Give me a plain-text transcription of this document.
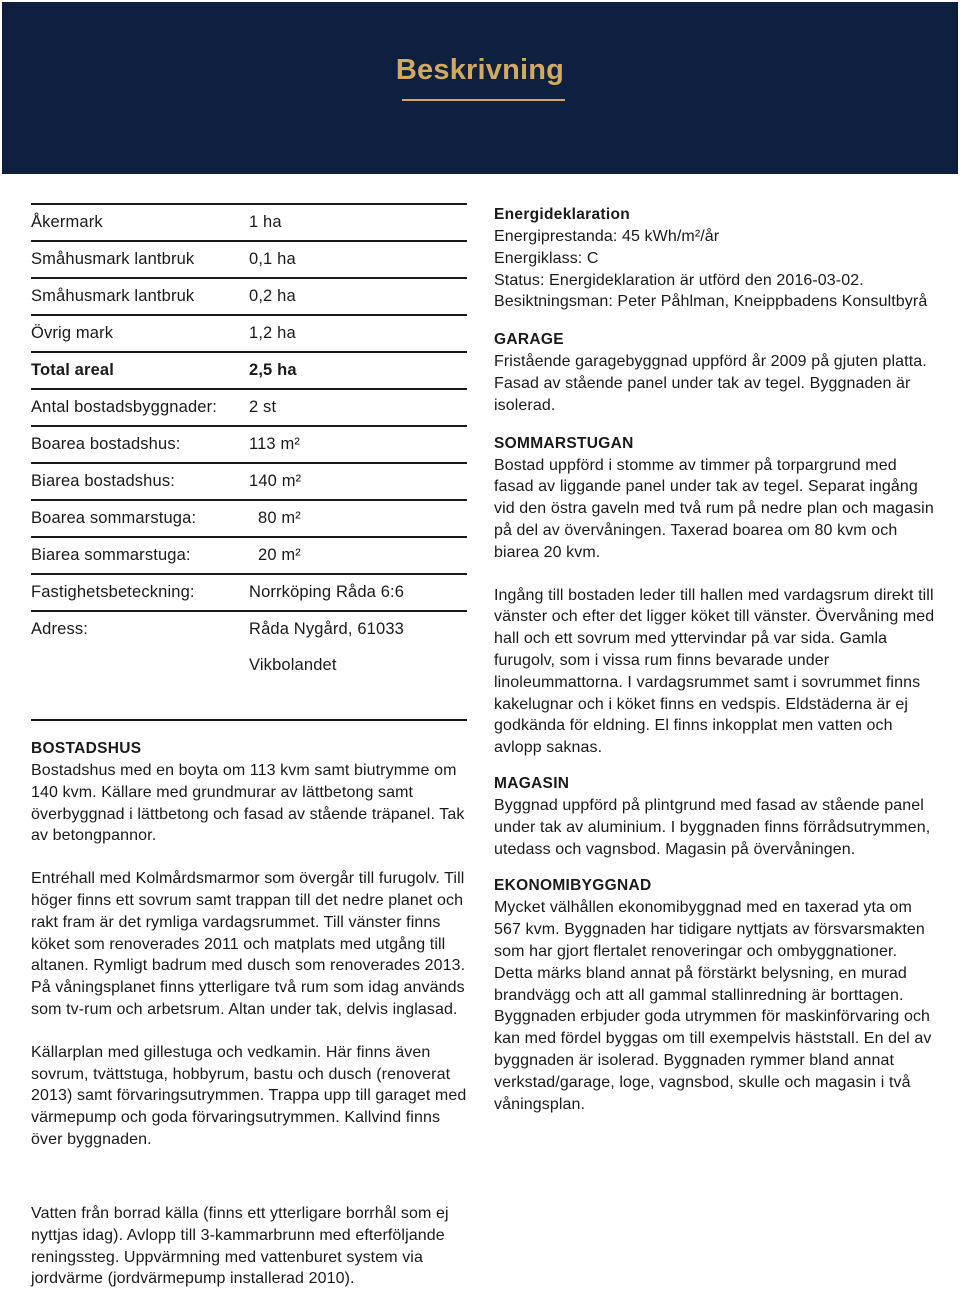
Beskrivning
Åkermark	1 ha
Småhusmark lantbruk	0,1 ha
Småhusmark lantbruk	0,2 ha
Övrig mark	1,2 ha
Total areal	2,5 ha
Antal bostadsbyggnader: 2 st
Boarea bostadshus:	113 m²
Biarea bostadshus:	140 m²
Boarea sommarstuga:	80 m²
Biarea sommarstuga:	20 m²
Fastighetsbeteckning:	Norrköping Råda 6:6
Adress:	Råda Nygård, 61033
Vikbolandet
BOSTADSHUS

Bostadshus med en boyta om 113 kvm samt biutrymme om 140 kvm. Källare med grundmurar av lättbetong samt överbyggnad i lättbetong och fasad av stående träpanel. Tak av betongpannor.

Entréhall med Kolmårdsmarmor som övergår till furugolv. Till höger finns ett sovrum samt trappan till det nedre planet och rakt fram är det rymliga vardagsrummet. Till vänster finns köket som renoverades 2011 och matplats med utgång till altanen. Rymligt badrum med dusch som renoverades 2013. På våningsplanet finns ytterligare två rum som idag används som tv-rum och arbetsrum. Altan under tak, delvis inglasad.

Källarplan med gillestuga och vedkamin. Här finns även sovrum, tvättstuga, hobbyrum, bastu och dusch (renoverat 2013) samt förvaringsutrymmen. Trappa upp till garaget med värmepump och goda förvaringsutrymmen. Kallvind finns över byggnaden.

Vatten från borrad källa (finns ett ytterligare borrhål som ej nyttjas idag). Avlopp till 3-kammarbrunn med efterföljande reningssteg. Uppvärmning med vattenburet system via jordvärme (jordvärmepump installerad 2010).

Energideklaration

Energiprestanda: 45 kWh/m²/år

Energiklass: C

Status: Energideklaration är utförd den 2016-03-02.

Besiktningsman: Peter Påhlman, Kneippbadens Konsultbyrå

GARAGE

Fristående garagebyggnad uppförd år 2009 på gjuten platta. Fasad av stående panel under tak av tegel. Byggnaden är isolerad.

SOMMARSTUGAN

Bostad uppförd i stomme av timmer på torpargrund med fasad av liggande panel under tak av tegel. Separat ingång vid den östra gaveln med två rum på nedre plan och magasin på del av övervåningen. Taxerad boarea om 80 kvm och biarea 20 kvm.

Ingång till bostaden leder till hallen med vardagsrum direkt till vänster och efter det ligger köket till vänster. Övervåning med hall och ett sovrum med yttervindar på var sida. Gamla furugolv, som i vissa rum finns bevarade under linoleummattorna. I vardagsrummet samt i sovrummet finns kakelugnar och i köket finns en vedspis. Eldstäderna är ej godkända för eldning. El finns inkopplat men vatten och avlopp saknas.

MAGASIN

Byggnad uppförd på plintgrund med fasad av stående panel under tak av aluminium. I byggnaden finns förrådsutrymmen, utedass och vagnsbod. Magasin på övervåningen.

EKONOMIBYGGNAD

Mycket välhållen ekonomibyggnad med en taxerad yta om 567 kvm. Byggnaden har tidigare nyttjats av försvarsmakten som har gjort flertalet renoveringar och ombyggnationer. Detta märks bland annat på förstärkt belysning, en murad brandvägg och att all gammal stallinredning är borttagen. Byggnaden erbjuder goda utrymmen för maskinförvaring och kan med fördel byggas om till exempelvis häststall. En del av byggnaden är isolerad. Byggnaden rymmer bland annat verkstad/garage, loge, vagnsbod, skulle och magasin i två våningsplan.
